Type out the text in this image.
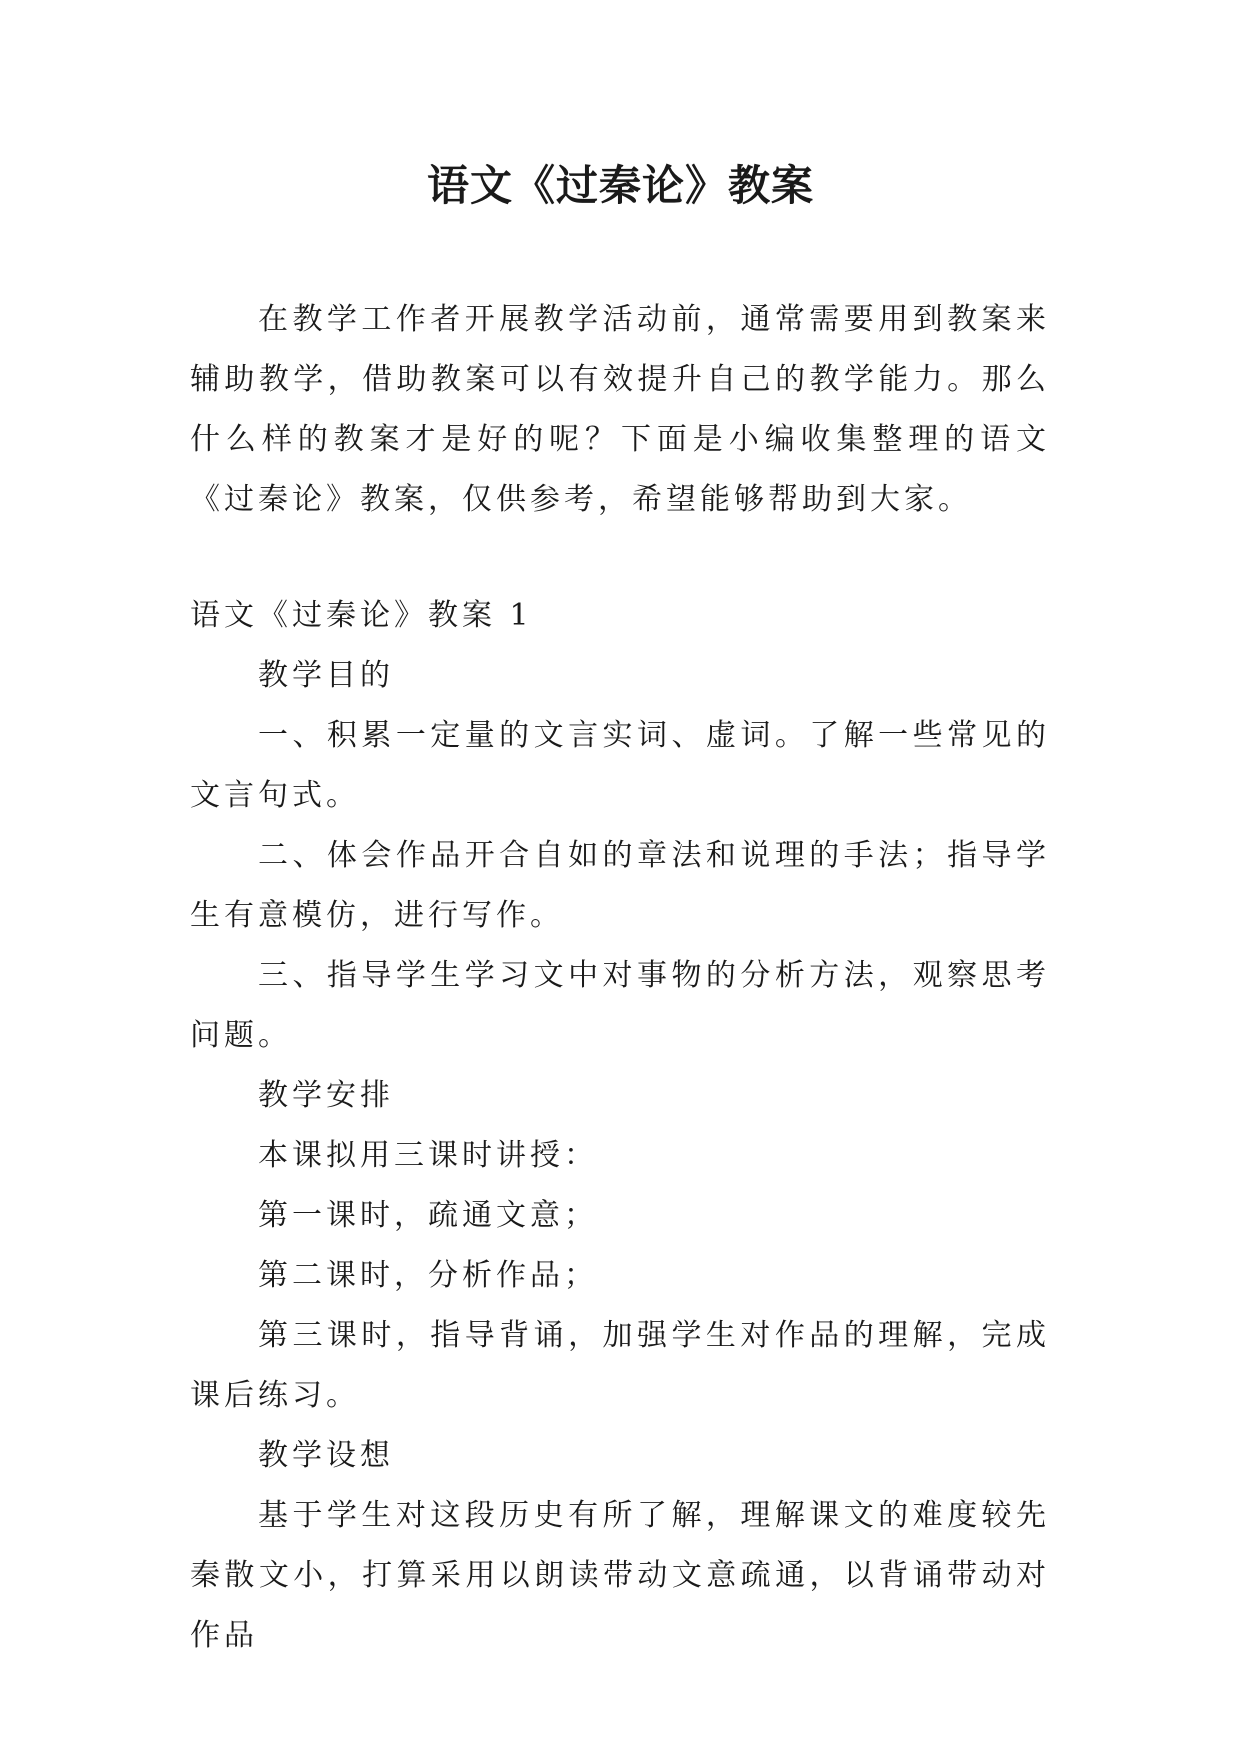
语文《过秦论》教案

在教学工作者开展教学活动前，通常需要用到教案来辅助教学，借助教案可以有效提升自己的教学能力。那么什么样的教案才是好的呢？下面是小编收集整理的语文《过秦论》教案，仅供参考，希望能够帮助到大家。

语文《过秦论》教案 1

教学目的

一、积累一定量的文言实词、虚词。了解一些常见的文言句式。

二、体会作品开合自如的章法和说理的手法；指导学生有意模仿，进行写作。

三、指导学生学习文中对事物的分析方法，观察思考问题。

教学安排

本课拟用三课时讲授：

第一课时，疏通文意；

第二课时，分析作品；

第三课时，指导背诵，加强学生对作品的理解，完成课后练习。

教学设想

基于学生对这段历史有所了解，理解课文的难度较先秦散文小，打算采用以朗读带动文意疏通，以背诵带动对作品
